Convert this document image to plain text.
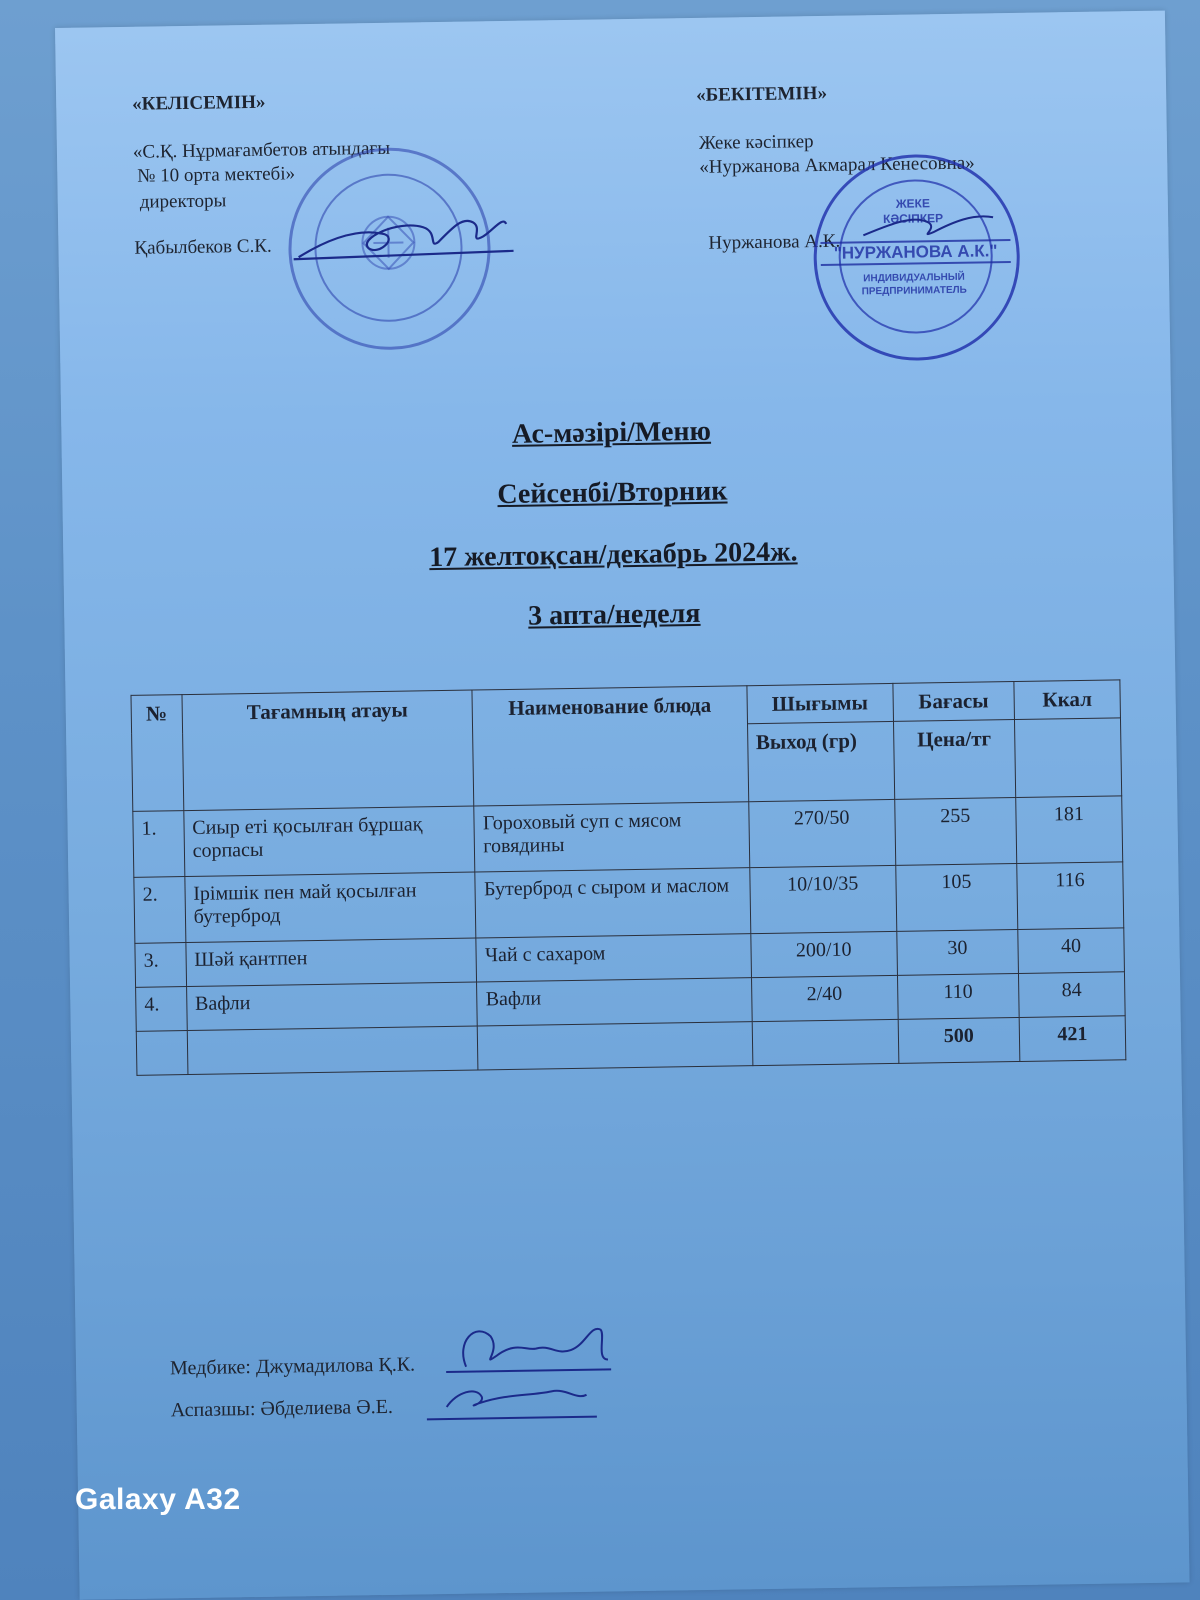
«КЕЛІСЕМІН»
«С.Қ. Нұрмағамбетов атындағы
№ 10 орта мектебі»
директоры
Қабылбеков С.К.
«БЕКІТЕМІН»
Жеке кәсіпкер
«Нуржанова Акмарал Кенесовна»
Нуржанова А.К.
ЖЕКЕ
КӘСІПКЕР
"НУРЖАНОВА А.К."
ИНДИВИДУАЛЬНЫЙ
ПРЕДПРИНИМАТЕЛЬ
Ас-мәзірі/Меню
Сейсенбі/Вторник
17 желтоқсан/декабрь 2024ж.
3 апта/неделя
№	Тағамның атауы	Наименование блюда	Шығымы	Бағасы	Ккал
			Выход (гр)	Цена/тг	
1.	Сиыр еті қосылған бұршақ сорпасы	Гороховый суп с мясом говядины	270/50	255	181
2.	Ірімшік пен май қосылған бутерброд	Бутерброд с сыром и маслом	10/10/35	105	116
3.	Шәй қантпен	Чай с сахаром	200/10	30	40
4.	Вафли	Вафли	2/40	110	84
				500	421
Медбике: Джумадилова Қ.К.
Аспазшы: Әбделиева Ә.Е.
Galaxy A32
